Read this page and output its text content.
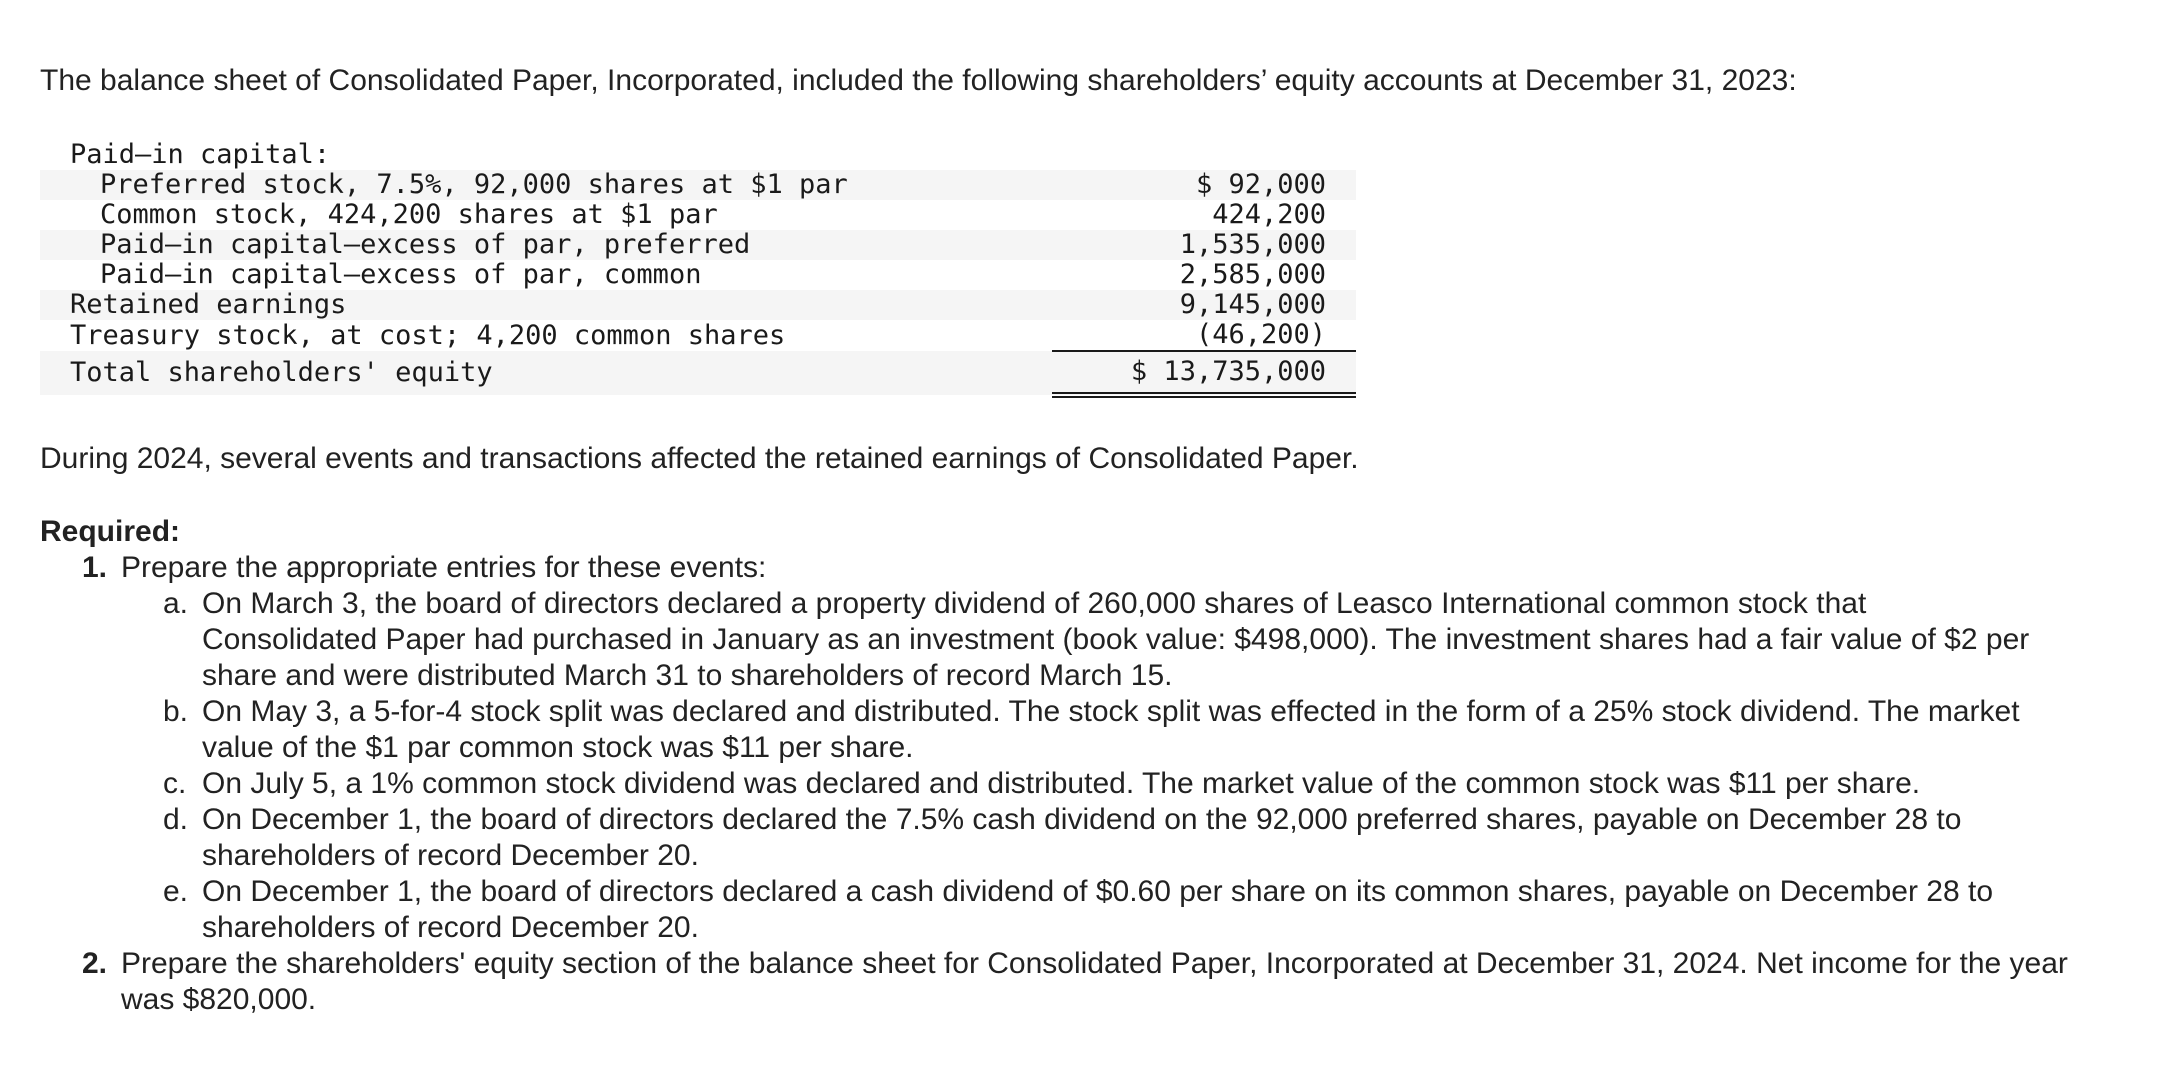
The balance sheet of Consolidated Paper, Incorporated, included the following shareholders’ equity accounts at December 31, 2023:

Paid–in capital:		
Preferred stock, 7.5%, 92,000 shares at $1 par		$ 92,000
Common stock, 424,200 shares at $1 par		424,200
Paid–in capital—excess of par, preferred		1,535,000
Paid–in capital—excess of par, common		2,585,000
Retained earnings		9,145,000
Treasury stock, at cost; 4,200 common shares		(46,200)
Total shareholders' equity		$ 13,735,000

During 2024, several events and transactions affected the retained earnings of Consolidated Paper.

Required:
1. Prepare the appropriate entries for these events:
a. On March 3, the board of directors declared a property dividend of 260,000 shares of Leasco International common stock that Consolidated Paper had purchased in January as an investment (book value: $498,000). The investment shares had a fair value of $2 per share and were distributed March 31 to shareholders of record March 15.
b. On May 3, a 5-for-4 stock split was declared and distributed. The stock split was effected in the form of a 25% stock dividend. The market value of the $1 par common stock was $11 per share.
c. On July 5, a 1% common stock dividend was declared and distributed. The market value of the common stock was $11 per share.
d. On December 1, the board of directors declared the 7.5% cash dividend on the 92,000 preferred shares, payable on December 28 to shareholders of record December 20.
e. On December 1, the board of directors declared a cash dividend of $0.60 per share on its common shares, payable on December 28 to shareholders of record December 20.
2. Prepare the shareholders' equity section of the balance sheet for Consolidated Paper, Incorporated at December 31, 2024. Net income for the year was $820,000.
